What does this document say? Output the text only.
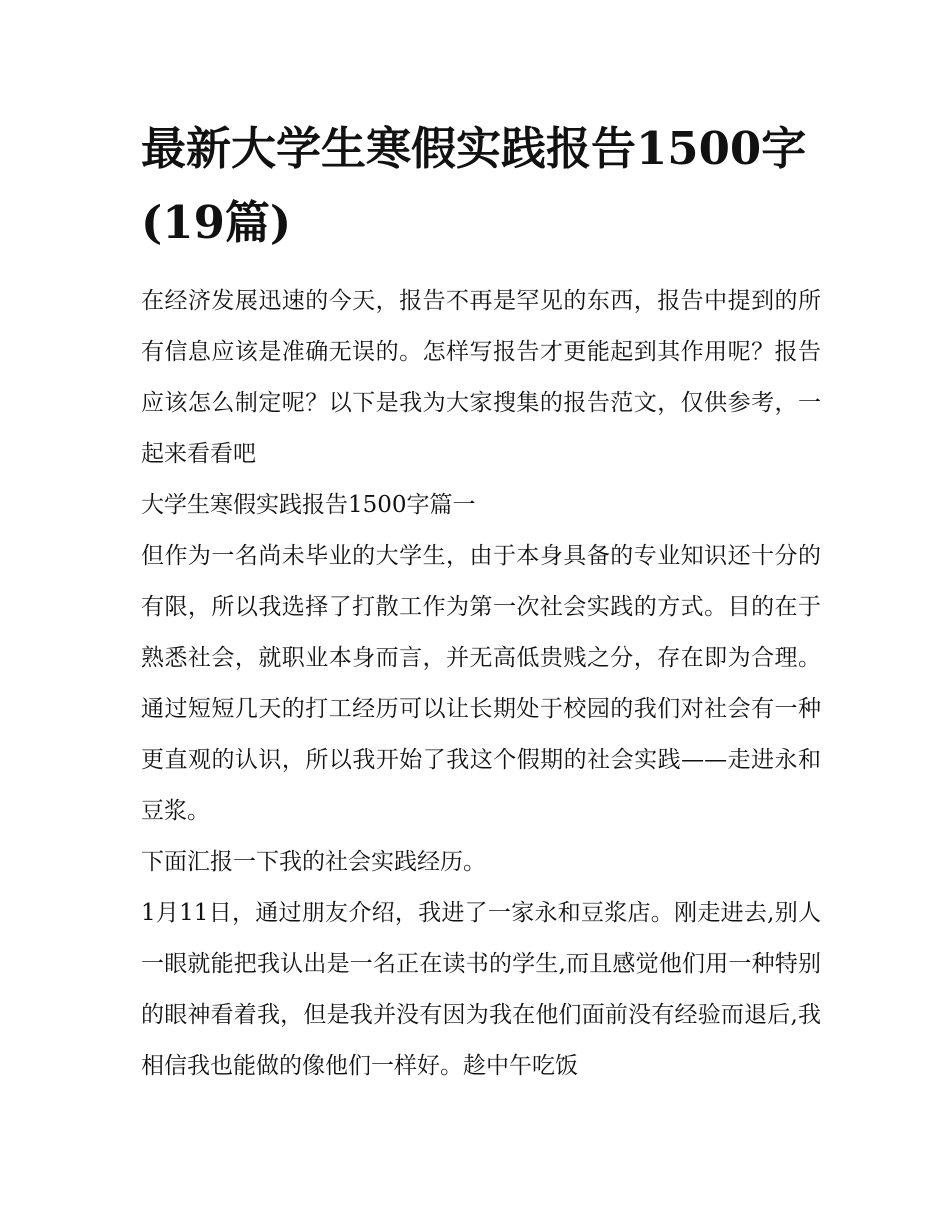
最新大学生寒假实践报告1500字(19篇)

在经济发展迅速的今天，报告不再是罕见的东西，报告中提到的所有信息应该是准确无误的。怎样写报告才更能起到其作用呢？报告应该怎么制定呢？以下是我为大家搜集的报告范文，仅供参考，一起来看看吧

大学生寒假实践报告1500字篇一

但作为一名尚未毕业的大学生，由于本身具备的专业知识还十分的有限，所以我选择了打散工作为第一次社会实践的方式。目的在于熟悉社会，就职业本身而言，并无高低贵贱之分，存在即为合理。通过短短几天的打工经历可以让长期处于校园的我们对社会有一种更直观的认识，所以我开始了我这个假期的社会实践——走进永和豆浆。

下面汇报一下我的社会实践经历。

1月11日，通过朋友介绍，我进了一家永和豆浆店。刚走进去,别人一眼就能把我认出是一名正在读书的学生,而且感觉他们用一种特别的眼神看着我，但是我并没有因为我在他们面前没有经验而退后,我相信我也能做的像他们一样好。趁中午吃饭
